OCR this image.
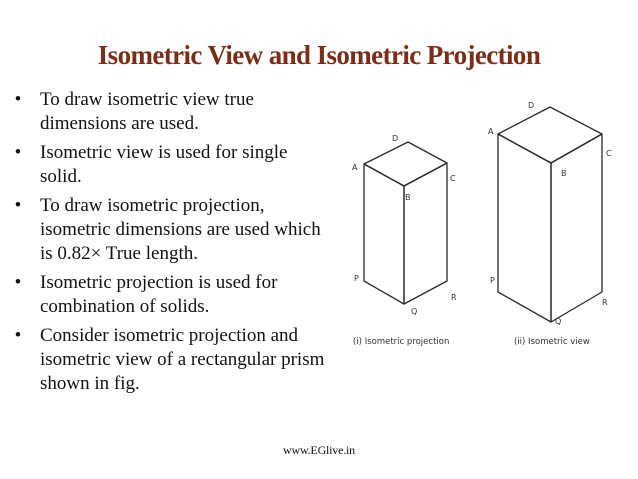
Isometric View and Isometric Projection
• To draw isometric view true dimensions are used.
• Isometric view is used for single solid.
• To draw isometric projection, isometric dimensions are used which is 0.82× True length.
• Isometric projection is used for combination of solids.
• Consider isometric projection and isometric view of a rectangular prism shown in fig.
D
A
C
B
P
R
Q
(i) Isometric projection
D
A
C
B
P
R
Q
(ii) Isometric view
www.EGlive.in
